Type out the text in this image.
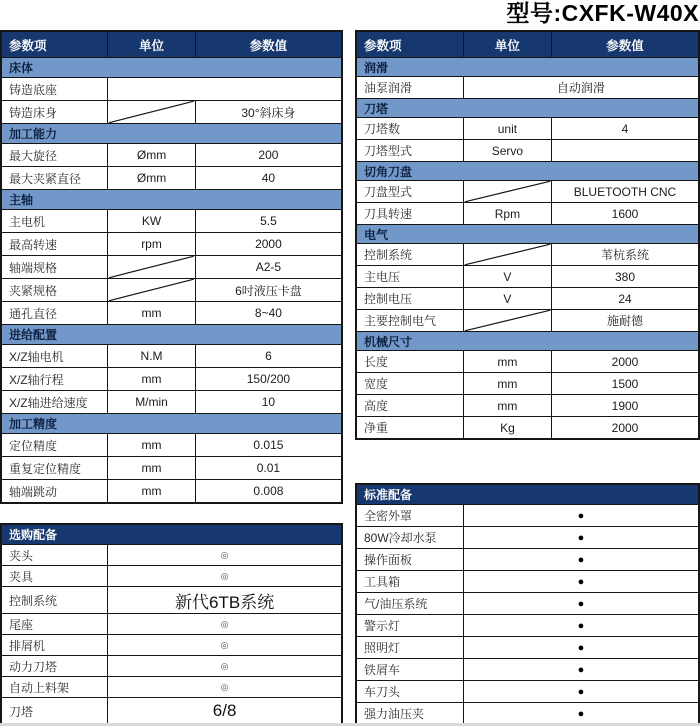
型号:CXFK-W40X
参数项	单位	参数值
床体		
铸造底座		
铸造床身		30°斜床身
加工能力		
最大旋径	Ømm	200
最大夹紧直径	Ømm	40
主轴		
主电机	KW	5.5
最高转速	rpm	2000
轴端规格		A2-5
夹紧规格		6吋液压卡盘
通孔直径	mm	8~40
进给配置		
X/Z轴电机	N.M	6
X/Z轴行程	mm	150/200
X/Z轴进给速度	M/min	10
加工精度		
定位精度	mm	0.015
重复定位精度	mm	0.01
轴端跳动	mm	0.008
选购配备	
夹头	◎
夹具	◎
控制系统	新代6TB系统
尾座	◎
排屑机	◎
动力刀塔	◎
自动上料架	◎
刀塔	6/8
参数项	单位	参数值
润滑		
油泵润滑	自动润滑	
刀塔		
刀塔数	unit	4
刀塔型式	Servo	
切角刀盘		
刀盘型式		BLUETOOTH CNC
刀具转速	Rpm	1600
电气		
控制系统		苇杭系统
主电压	V	380
控制电压	V	24
主要控制电气		施耐德
机械尺寸		
长度	mm	2000
宽度	mm	1500
高度	mm	1900
净重	Kg	2000
标准配备	
全密外罩	●
80W冷却水泵	●
操作面板	●
工具箱	●
气/油压系统	●
警示灯	●
照明灯	●
铁屑车	●
车刀头	●
强力油压夹	●
